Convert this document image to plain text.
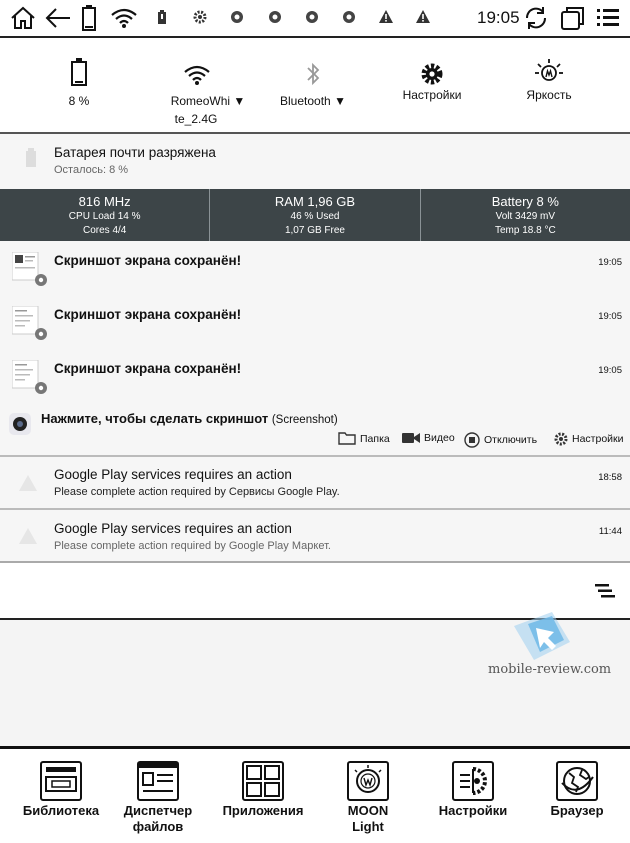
19:05
8 %	RomeoWhi ▼
te_2.4G
Bluetooth ▼	Настройки	Яркость
Батарея почти разряжена
Осталось: 8 %
816 MHz
CPU Load 14 %
Cores 4/4
RAM 1,96 GB
46 % Used
1,07 GB Free
Battery 8 %
Volt 3429 mV
Temp 18.8 °C
Скриншот экрана сохранён!	19:05
Скриншот экрана сохранён!	19:05
Скриншот экрана сохранён!	19:05
Нажмите, чтобы сделать скриншот (Screenshot)
Папка	Видео	Отключить	Настройки
Google Play services requires an action
Please complete action required by Сервисы Google Play.
18:58
Google Play services requires an action
Please complete action required by Google Play Маркет.
11:44
mobile-review.com
Библиотека	Диспетчер
файлов
Приложения	MOON
Light
Настройки	Браузер
